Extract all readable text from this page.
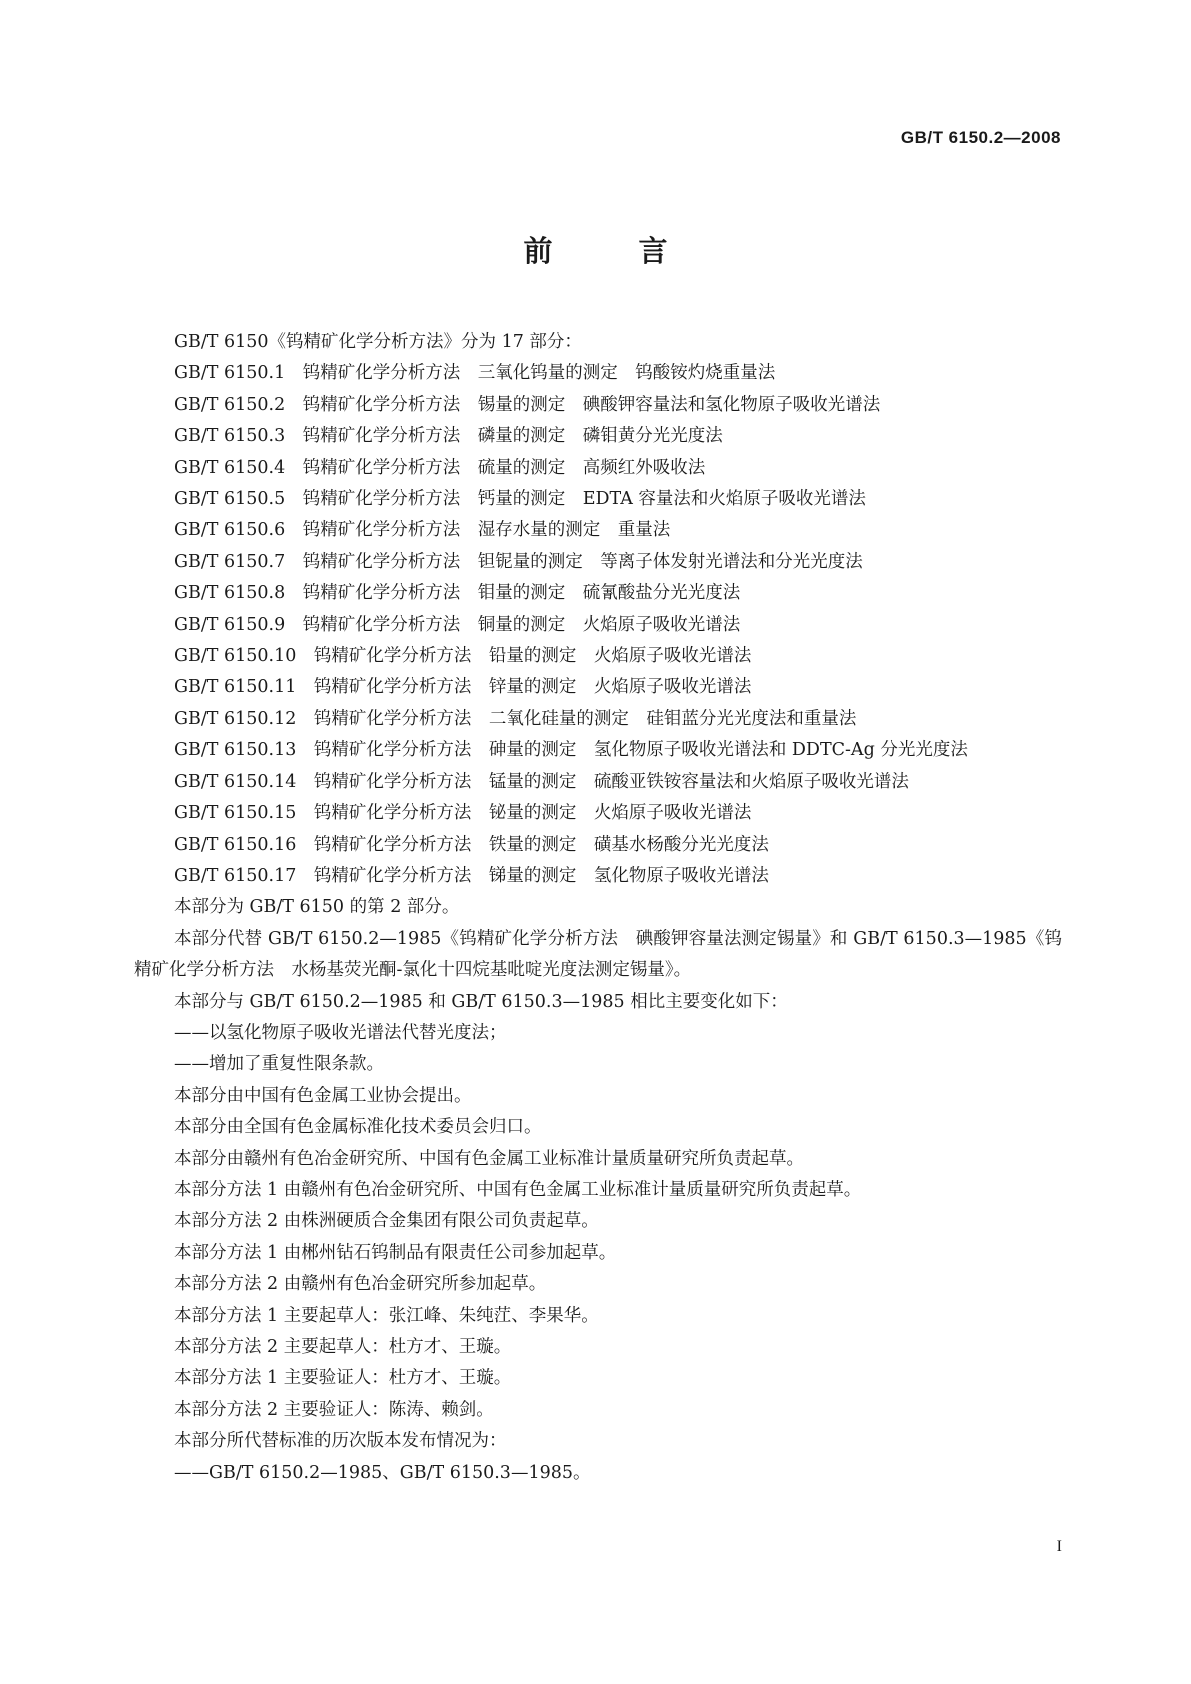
GB/T 6150.2—2008
前 言

GB/T 6150《钨精矿化学分析方法》分为 17 部分：

GB/T 6150.1　钨精矿化学分析方法　三氧化钨量的测定　钨酸铵灼烧重量法

GB/T 6150.2　钨精矿化学分析方法　锡量的测定　碘酸钾容量法和氢化物原子吸收光谱法

GB/T 6150.3　钨精矿化学分析方法　磷量的测定　磷钼黄分光光度法

GB/T 6150.4　钨精矿化学分析方法　硫量的测定　高频红外吸收法

GB/T 6150.5　钨精矿化学分析方法　钙量的测定　EDTA 容量法和火焰原子吸收光谱法

GB/T 6150.6　钨精矿化学分析方法　湿存水量的测定　重量法

GB/T 6150.7　钨精矿化学分析方法　钽铌量的测定　等离子体发射光谱法和分光光度法

GB/T 6150.8　钨精矿化学分析方法　钼量的测定　硫氰酸盐分光光度法

GB/T 6150.9　钨精矿化学分析方法　铜量的测定　火焰原子吸收光谱法

GB/T 6150.10　钨精矿化学分析方法　铅量的测定　火焰原子吸收光谱法

GB/T 6150.11　钨精矿化学分析方法　锌量的测定　火焰原子吸收光谱法

GB/T 6150.12　钨精矿化学分析方法　二氧化硅量的测定　硅钼蓝分光光度法和重量法

GB/T 6150.13　钨精矿化学分析方法　砷量的测定　氢化物原子吸收光谱法和 DDTC-Ag 分光光度法

GB/T 6150.14　钨精矿化学分析方法　锰量的测定　硫酸亚铁铵容量法和火焰原子吸收光谱法

GB/T 6150.15　钨精矿化学分析方法　铋量的测定　火焰原子吸收光谱法

GB/T 6150.16　钨精矿化学分析方法　铁量的测定　磺基水杨酸分光光度法

GB/T 6150.17　钨精矿化学分析方法　锑量的测定　氢化物原子吸收光谱法

本部分为 GB/T 6150 的第 2 部分。

本部分代替 GB/T 6150.2—1985《钨精矿化学分析方法　碘酸钾容量法测定锡量》和 GB/T 6150.3—1985《钨精矿化学分析方法　水杨基荧光酮-氯化十四烷基吡啶光度法测定锡量》。

本部分与 GB/T 6150.2—1985 和 GB/T 6150.3—1985 相比主要变化如下：

——以氢化物原子吸收光谱法代替光度法；

——增加了重复性限条款。

本部分由中国有色金属工业协会提出。

本部分由全国有色金属标准化技术委员会归口。

本部分由赣州有色冶金研究所、中国有色金属工业标准计量质量研究所负责起草。

本部分方法 1 由赣州有色冶金研究所、中国有色金属工业标准计量质量研究所负责起草。

本部分方法 2 由株洲硬质合金集团有限公司负责起草。

本部分方法 1 由郴州钻石钨制品有限责任公司参加起草。

本部分方法 2 由赣州有色冶金研究所参加起草。

本部分方法 1 主要起草人：张江峰、朱纯茳、李果华。

本部分方法 2 主要起草人：杜方才、王璇。

本部分方法 1 主要验证人：杜方才、王璇。

本部分方法 2 主要验证人：陈涛、赖剑。

本部分所代替标准的历次版本发布情况为：

——GB/T 6150.2—1985、GB/T 6150.3—1985。

I
